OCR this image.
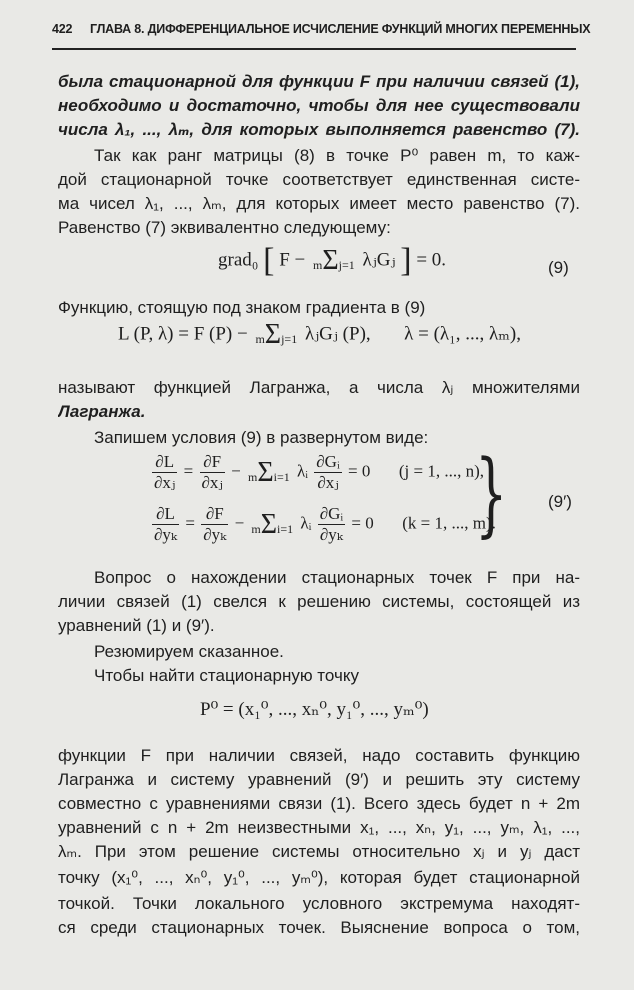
422 ГЛАВА 8. ДИФФЕРЕНЦИАЛЬНОЕ ИСЧИСЛЕНИЕ ФУНКЦИЙ МНОГИХ ПЕРЕМЕННЫХ
была стационарной для функции F при наличии связей (1),
необходимо и достаточно, чтобы для нее существовали
числа λ₁, ..., λₘ, для которых выполняется равенство (7).
Так как ранг матрицы (8) в точке P⁰ равен m, то каж-
дой стационарной точке соответствует единственная систе-
ма чисел λ₁, ..., λₘ, для которых имеет место равенство (7).
Равенство (7) эквивалентно следующему:
grad₀ [ F − mΣj=1 λⱼGⱼ ] = 0.	(9)
Функцию, стоящую под знаком градиента в (9)
L (P, λ) = F (P) − mΣj=1 λⱼGⱼ (P), λ = (λ₁, ..., λₘ),
называют функцией Лагранжа, а числа λⱼ множителями
Лагранжа.
Запишем условия (9) в развернутом виде:
$\frac{\partial L}{\text{∂xⱼ}} = \frac{\partial F}{\text{∂xⱼ}} - m\Sigma i=1$ λᵢ $\frac{\text{∂Gᵢ}}{\text{∂xⱼ}} = 0$ (j = 1, ..., n),
$\frac{\partial L}{\text{∂yₖ}} = \frac{\partial F}{\text{∂yₖ}} - m\Sigma i=1$ λᵢ $\frac{\text{∂Gᵢ}}{\text{∂yₖ}} = 0$ (k = 1, ..., m).
} (9′)
Вопрос о нахождении стационарных точек F при на-
личии связей (1) свелся к решению системы, состоящей из
уравнений (1) и (9′).
Резюмируем сказанное.
Чтобы найти стационарную точку
P⁰ = (x₁⁰, ..., xₙ⁰, y₁⁰, ..., yₘ⁰)
функции F при наличии связей, надо составить функцию
Лагранжа и систему уравнений (9′) и решить эту систему
совместно с уравнениями связи (1). Всего здесь будет n + 2m
уравнений с n + 2m неизвестными x₁, ..., xₙ, y₁, ..., yₘ, λ₁, ...,
λₘ. При этом решение системы относительно xⱼ и yⱼ даст
точку (x₁⁰, ..., xₙ⁰, y₁⁰, ..., yₘ⁰), которая будет стационарной
точкой. Точки локального условного экстремума находят-
ся среди стационарных точек. Выяснение вопроса о том,
